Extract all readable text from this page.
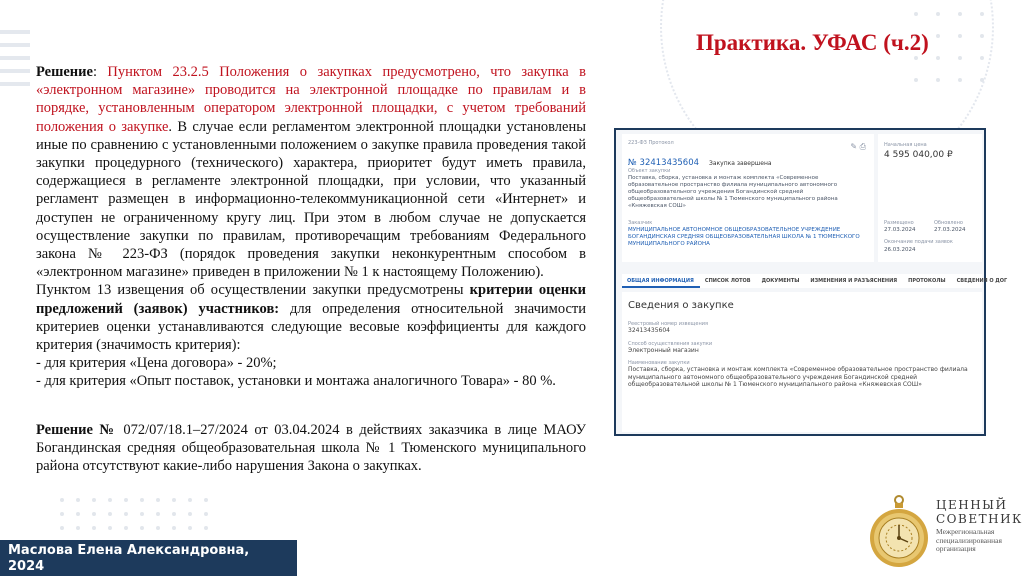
Практика. УФАС (ч.2)

Решение: Пунктом 23.2.5 Положения о закупках предусмотрено, что закупка в «электронном магазине» проводится на электронной площадке по правилам и в порядке, установленным оператором электронной площадки, с учетом требований положения о закупке. В случае если регламентом электронной площадки установлены иные по сравнению с установленными положением о закупке правила проведения такой закупки процедурного (технического) характера, приоритет будут иметь правила, содержащиеся в регламенте электронной площадки, при условии, что указанный регламент размещен в информационно-телекоммуникационной сети «Интернет» и доступен не ограниченному кругу лиц. При этом в любом случае не допускается осуществление закупки по правилам, противоречащим требованиям Федерального закона № 223-ФЗ (порядок проведения закупки неконкурентным способом в «электронном магазине» приведен в приложении № 1 к настоящему Положению).

Пунктом 13 извещения об осуществлении закупки предусмотрены критерии оценки предложений (заявок) участников: для определения относительной значимости критериев оценки устанавливаются следующие весовые коэффициенты для каждого критерия (значимость критерия):

- для критерия «Цена договора» - 20%;

- для критерия «Опыт поставок, установки и монтажа аналогичного Товара» - 80 %.

Решение № 072/07/18.1–27/2024 от 03.04.2024 в действиях заказчика в лице МАОУ Богандинская средняя общеобразовательная школа № 1 Тюменского муниципального района отсутствуют какие-либо нарушения Закона о закупках.

223-ФЗ Протокол
№ 32413435604 Закупка завершена
✎ ⎙
Объект закупки
Поставка, сборка, установка и монтаж комплекта «Современное образовательное пространство филиала муниципального автономного общеобразовательного учреждения Богандинской средней общеобразовательной школы № 1 Тюменского муниципального района «Княжевская СОШ»
Заказчик
МУНИЦИПАЛЬНОЕ АВТОНОМНОЕ ОБЩЕОБРАЗОВАТЕЛЬНОЕ УЧРЕЖДЕНИЕ БОГАНДИНСКАЯ СРЕДНЯЯ ОБЩЕОБРАЗОВАТЕЛЬНАЯ ШКОЛА № 1 ТЮМЕНСКОГО МУНИЦИПАЛЬНОГО РАЙОНА
Начальная цена
4 595 040,00 ₽
Размещено
27.03.2024
Обновлено
27.03.2024
Окончание подачи заявок
26.03.2024
ОБЩАЯ ИНФОРМАЦИЯ	СПИСОК ЛОТОВ	ДОКУМЕНТЫ	ИЗМЕНЕНИЯ И РАЗЪЯСНЕНИЯ	ПРОТОКОЛЫ	СВЕДЕНИЯ О ДОГ
Сведения о закупке
Реестровый номер извещения
32413435604
Способ осуществления закупки
Электронный магазин
Наименование закупки
Поставка, сборка, установка и монтаж комплекта «Современное образовательное пространство филиала муниципального автономного общеобразовательного учреждения Богандинской средней общеобразовательной школы № 1 Тюменского муниципального района «Княжевская СОШ»
Маслова Елена Александровна,
2024
ЦЕННЫЙ
СОВЕТНИК
Межрегиональная специализированная организация
